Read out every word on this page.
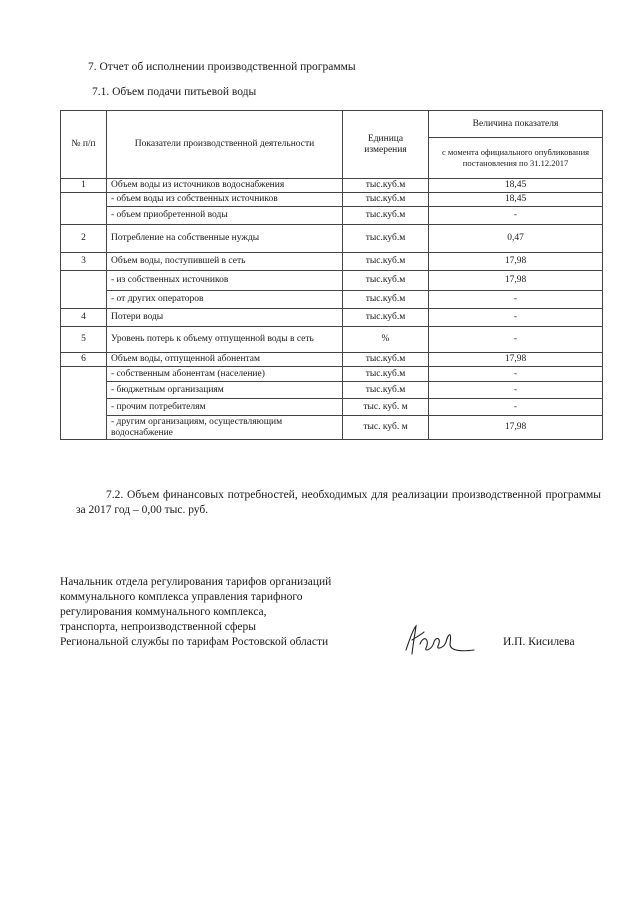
7. Отчет об исполнении производственной программы
7.1. Объем подачи питьевой воды
№ п/п	Показатели производственной деятельности	Единица измерения	Величина показателя
			с момента официального опубликования постановления по 31.12.2017
1	Объем воды из источников водоснабжения	тыс.куб.м	18,45
	- объем воды из собственных источников	тыс.куб.м	18,45
	- объем приобретенной воды	тыс.куб.м	-
2	Потребление на собственные нужды	тыс.куб.м	0,47
3	Объем воды, поступившей в сеть	тыс.куб.м	17,98
	- из собственных источников	тыс.куб.м	17,98
	- от других операторов	тыс.куб.м	-
4	Потери воды	тыс.куб.м	-
5	Уровень потерь к объему отпущенной воды в сеть	%	-
6	Объем воды, отпущенной абонентам	тыс.куб.м	17,98
	- собственным абонентам (население)	тыс.куб.м	-
	- бюджетным организациям	тыс.куб.м	-
	- прочим потребителям	тыс. куб. м	-
	- другим организациям, осуществляющим водоснабжение	тыс. куб. м	17,98
7.2. Объем финансовых потребностей, необходимых для реализации производственной программы за 2017 год – 0,00 тыс. руб.
Начальник отдела регулирования тарифов организаций
коммунального комплекса управления тарифного
регулирования коммунального комплекса,
транспорта, непроизводственной сферы
Региональной службы по тарифам Ростовской области	И.П. Кисилева
